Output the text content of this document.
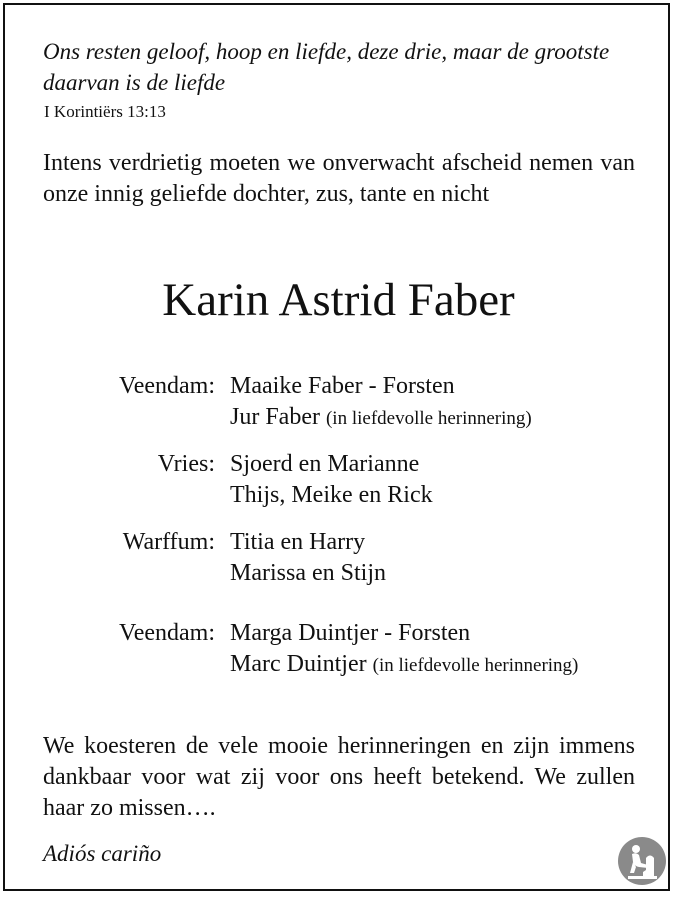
Ons resten geloof, hoop en liefde, deze drie, maar de grootste daarvan is de liefde
I Korintiërs 13:13
Intens verdrietig moeten we onverwacht afscheid nemen van onze innig geliefde dochter, zus, tante en nicht
Karin Astrid Faber
Veendam: Maaike Faber - Forsten
Jur Faber (in liefdevolle herinnering)
Vries: Sjoerd en Marianne
Thijs, Meike en Rick
Warffum: Titia en Harry
Marissa en Stijn
Veendam: Marga Duintjer - Forsten
Marc Duintjer (in liefdevolle herinnering)
We koesteren de vele mooie herinneringen en zijn immens dankbaar voor wat zij voor ons heeft betekend. We zullen haar zo missen….
Adiós cariño
